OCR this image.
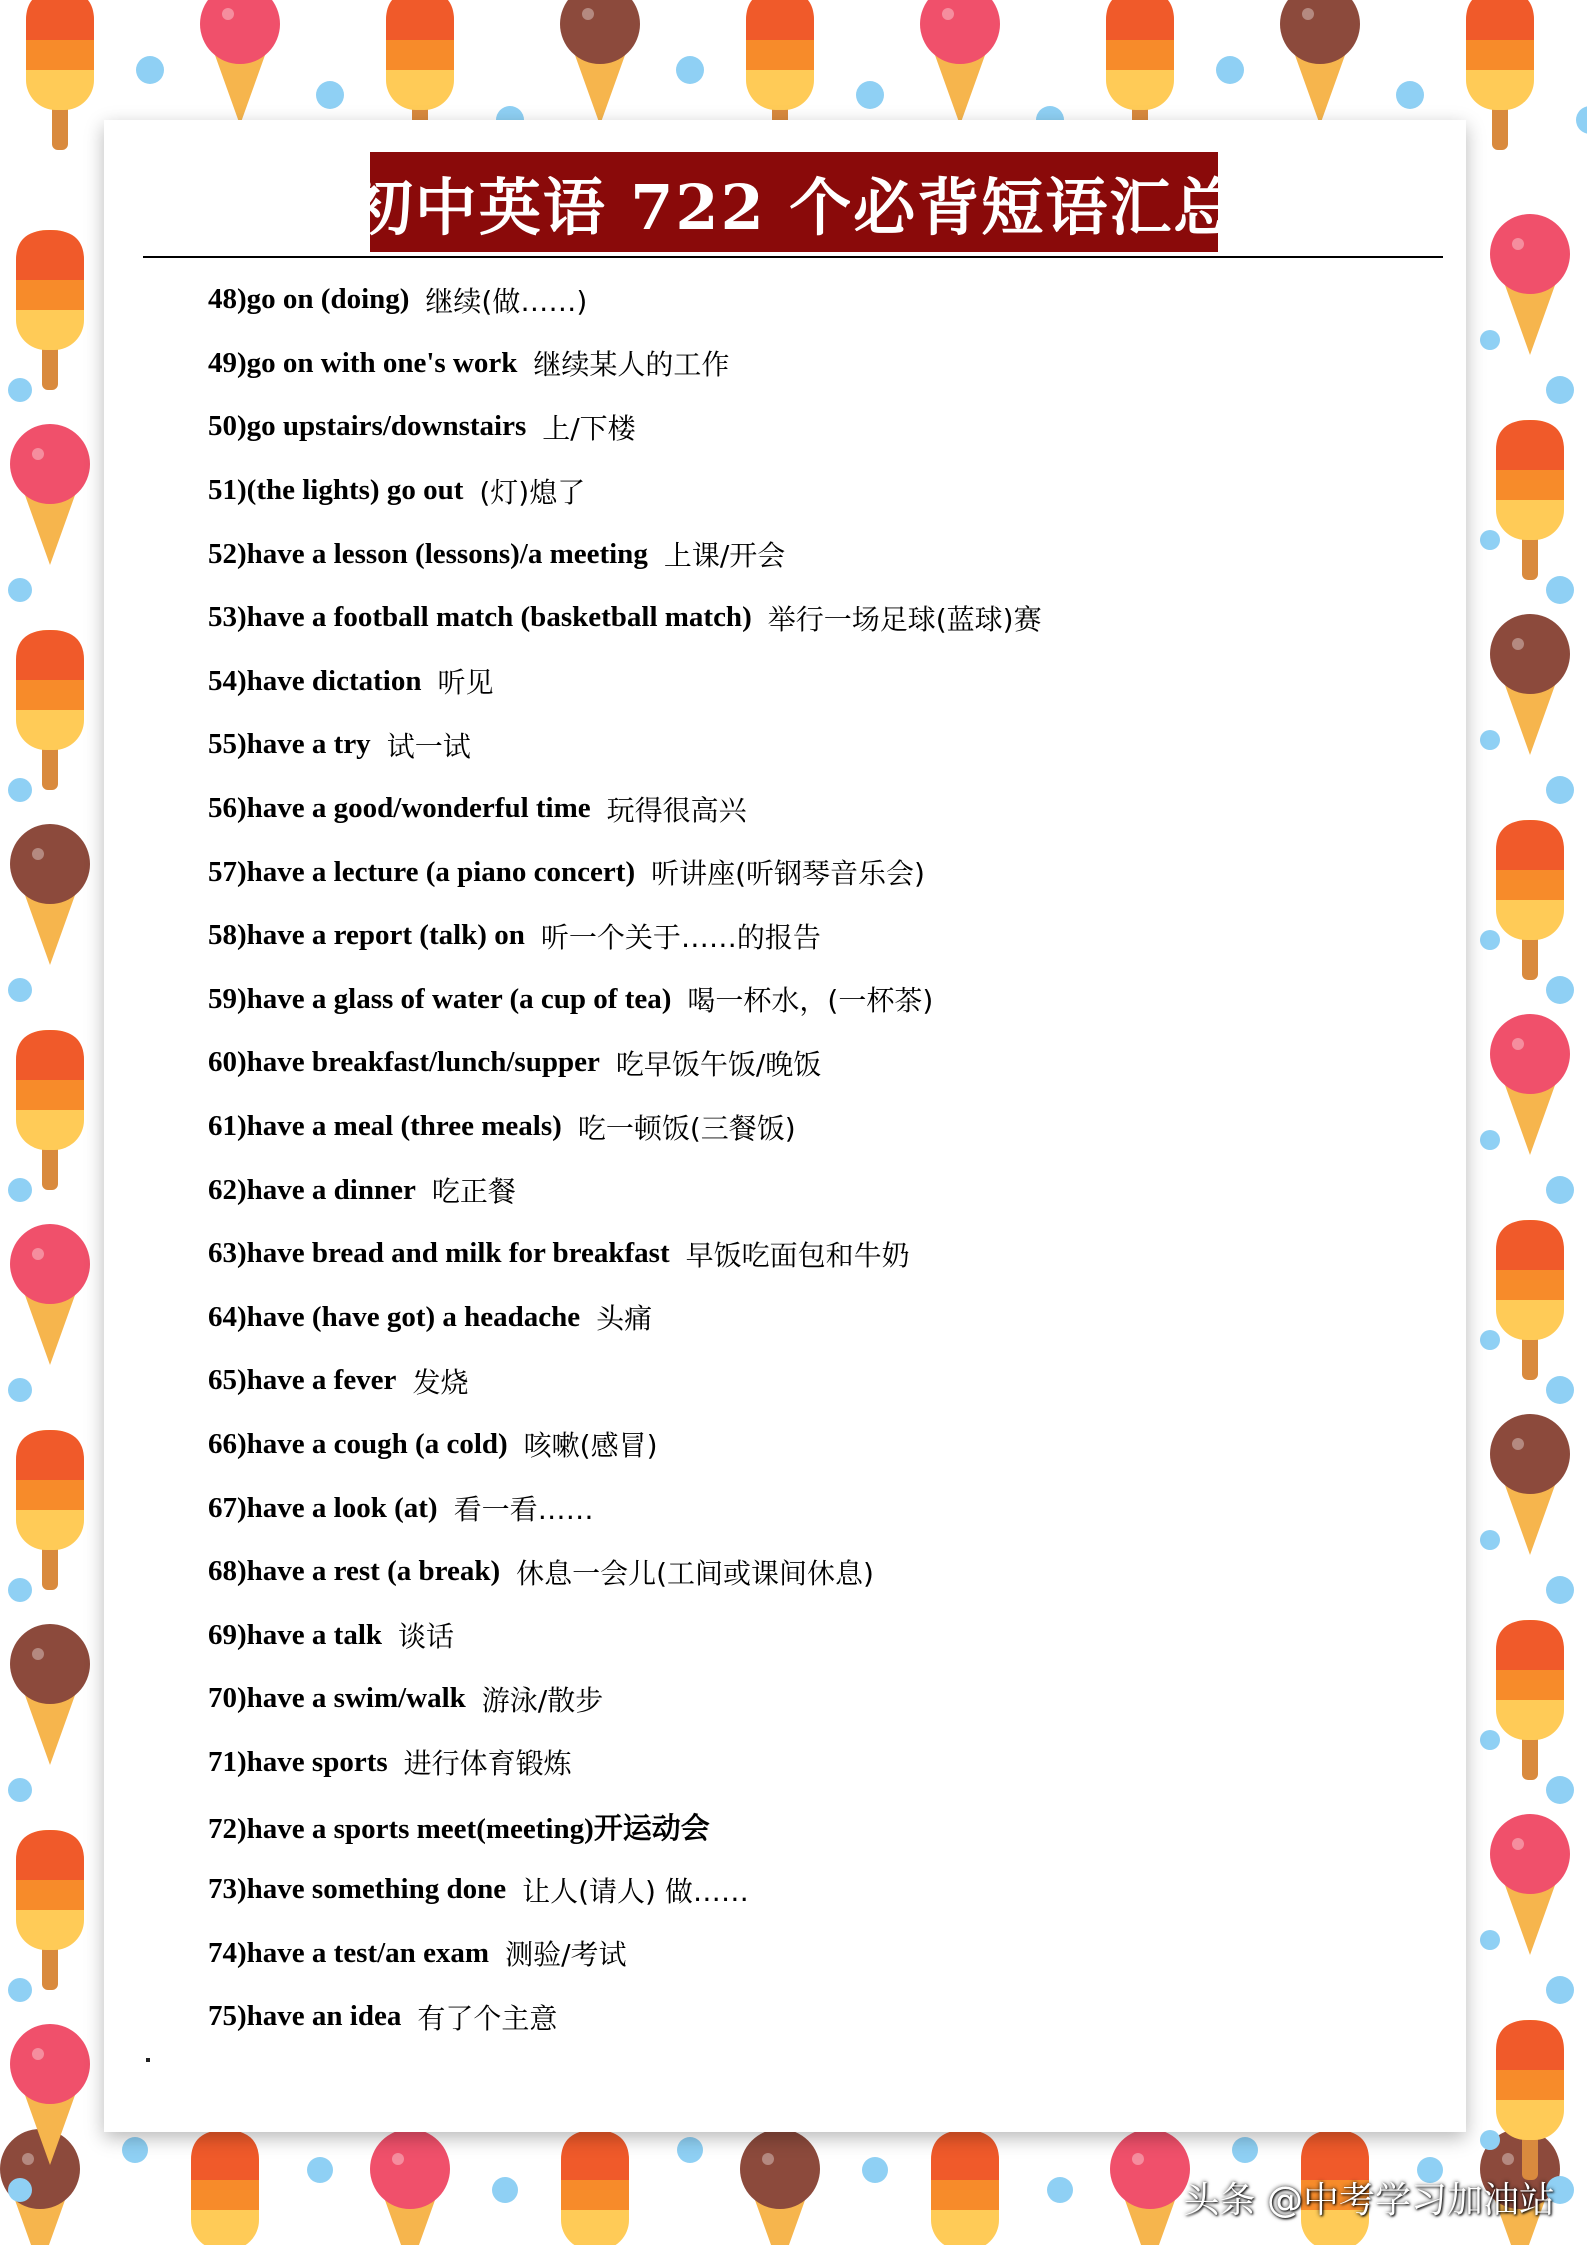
初中英语 722 个必背短语汇总
48)go on (doing) 继续(做……)
49)go on with one's work 继续某人的工作
50)go upstairs/downstairs 上/下楼
51)(the lights) go out (灯)熄了
52)have a lesson (lessons)/a meeting 上课/开会
53)have a football match (basketball match) 举行一场足球(蓝球)赛
54)have dictation 听见
55)have a try 试一试
56)have a good/wonderful time 玩得很高兴
57)have a lecture (a piano concert) 听讲座(听钢琴音乐会)
58)have a report (talk) on 听一个关于……的报告
59)have a glass of water (a cup of tea) 喝一杯水，(一杯茶)
60)have breakfast/lunch/supper 吃早饭午饭/晚饭
61)have a meal (three meals) 吃一顿饭(三餐饭)
62)have a dinner 吃正餐
63)have bread and milk for breakfast 早饭吃面包和牛奶
64)have (have got) a headache 头痛
65)have a fever 发烧
66)have a cough (a cold) 咳嗽(感冒)
67)have a look (at) 看一看……
68)have a rest (a break) 休息一会儿(工间或课间休息)
69)have a talk 谈话
70)have a swim/walk 游泳/散步
71)have sports 进行体育锻炼
72)have a sports meet(meeting)开运动会
73)have something done 让人(请人) 做……
74)have a test/an exam 测验/考试
75)have an idea 有了个主意
头条 @中考学习加油站
